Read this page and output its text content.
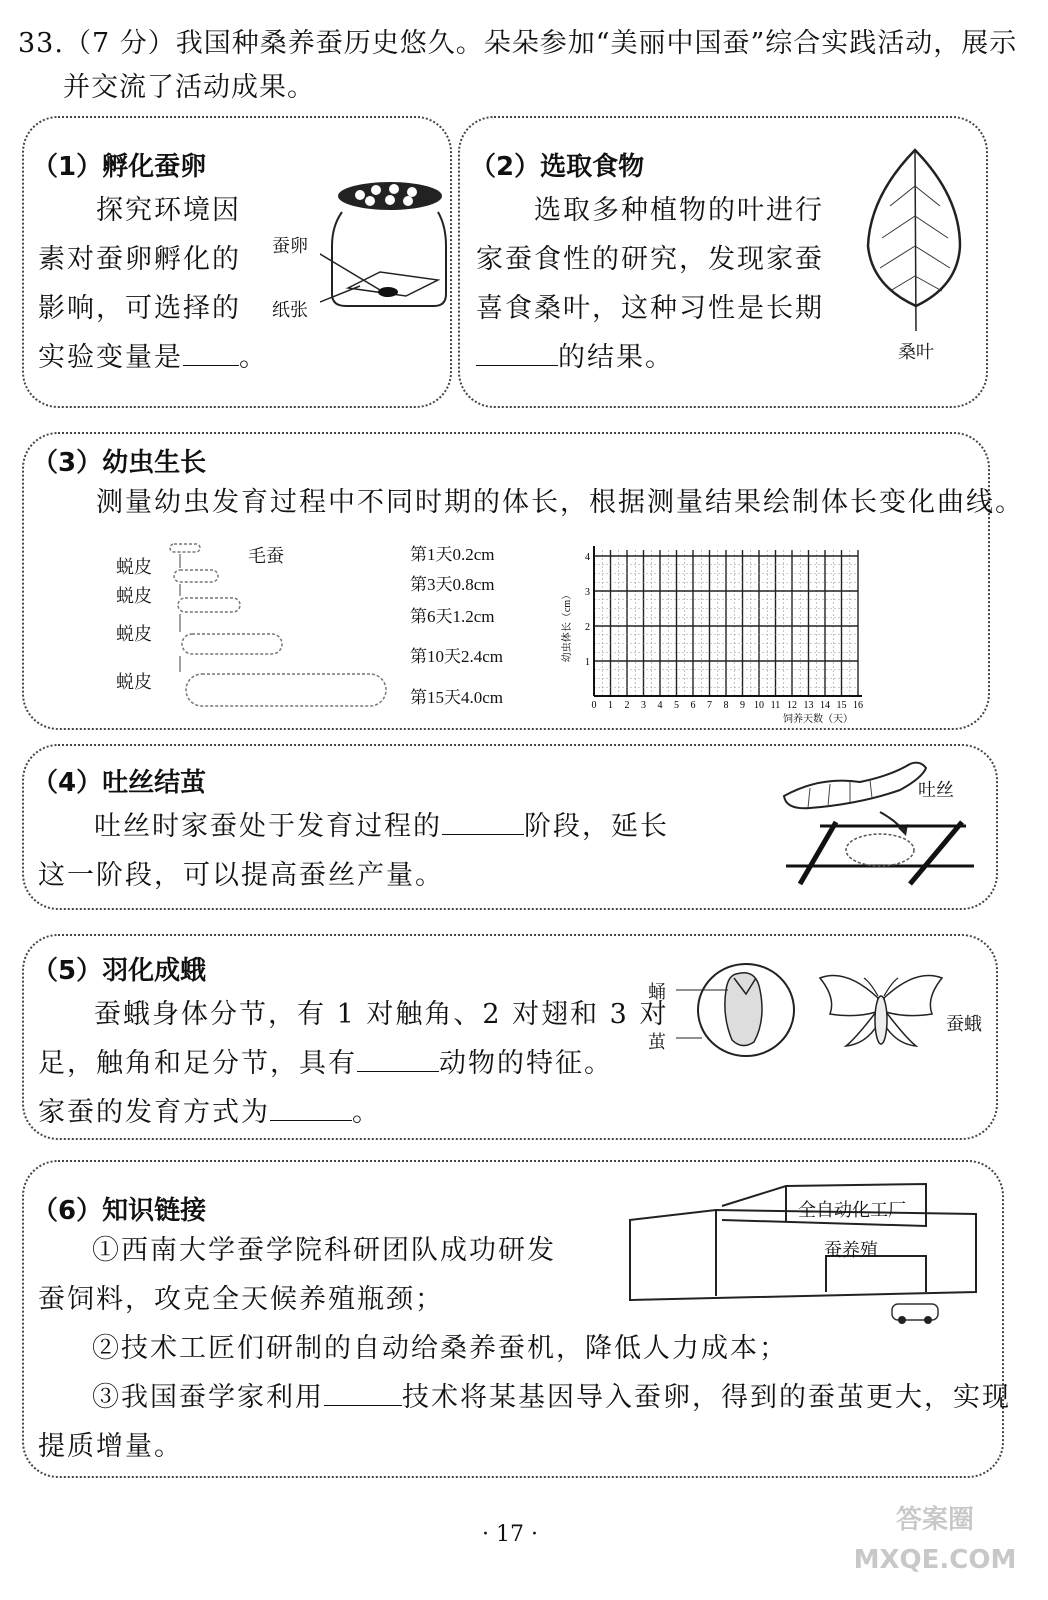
33.（7 分）我国种桑养蚕历史悠久。朵朵参加“美丽中国蚕”综合实践活动，展示
并交流了活动成果。
（1）孵化蚕卵
探究环境因
素对蚕卵孵化的
影响，可选择的
实验变量是 。
蚕卵
纸张
（2）选取食物
选取多种植物的叶进行
家蚕食性的研究，发现家蚕
喜食桑叶，这种习性是长期
的结果。	桑叶
（3）幼虫生长
测量幼虫发育过程中不同时期的体长，根据测量结果绘制体长变化曲线。
蜕皮
蜕皮
蜕皮
蜕皮
毛蚕	第1天0.2cm
第3天0.8cm
第6天1.2cm
第10天2.4cm
第15天4.0cm	0 1 2 3 4 5 6 7 8 9 10 11 12 13 14 15 16
1
2
3
4
饲养天数（天）
幼虫体长（cm）
（4）吐丝结茧
吐丝时家蚕处于发育过程的	阶段，延长
这一阶段，可以提高蚕丝产量。
吐丝
（5）羽化成蛾
蚕蛾身体分节，有 1 对触角、2 对翅和 3 对
足，触角和足分节，具有	动物的特征。
家蚕的发育方式为	。
蛹
茧
蚕蛾
（6）知识链接
①西南大学蚕学院科研团队成功研发
蚕饲料，攻克全天候养殖瓶颈；
②技术工匠们研制的自动给桑养蚕机，降低人力成本；
③我国蚕学家利用	技术将某基因导入蚕卵，得到的蚕茧更大，实现
提质增量。
全自动化工厂
蚕养殖
· 17 ·	答案圈 MXQE.COM
